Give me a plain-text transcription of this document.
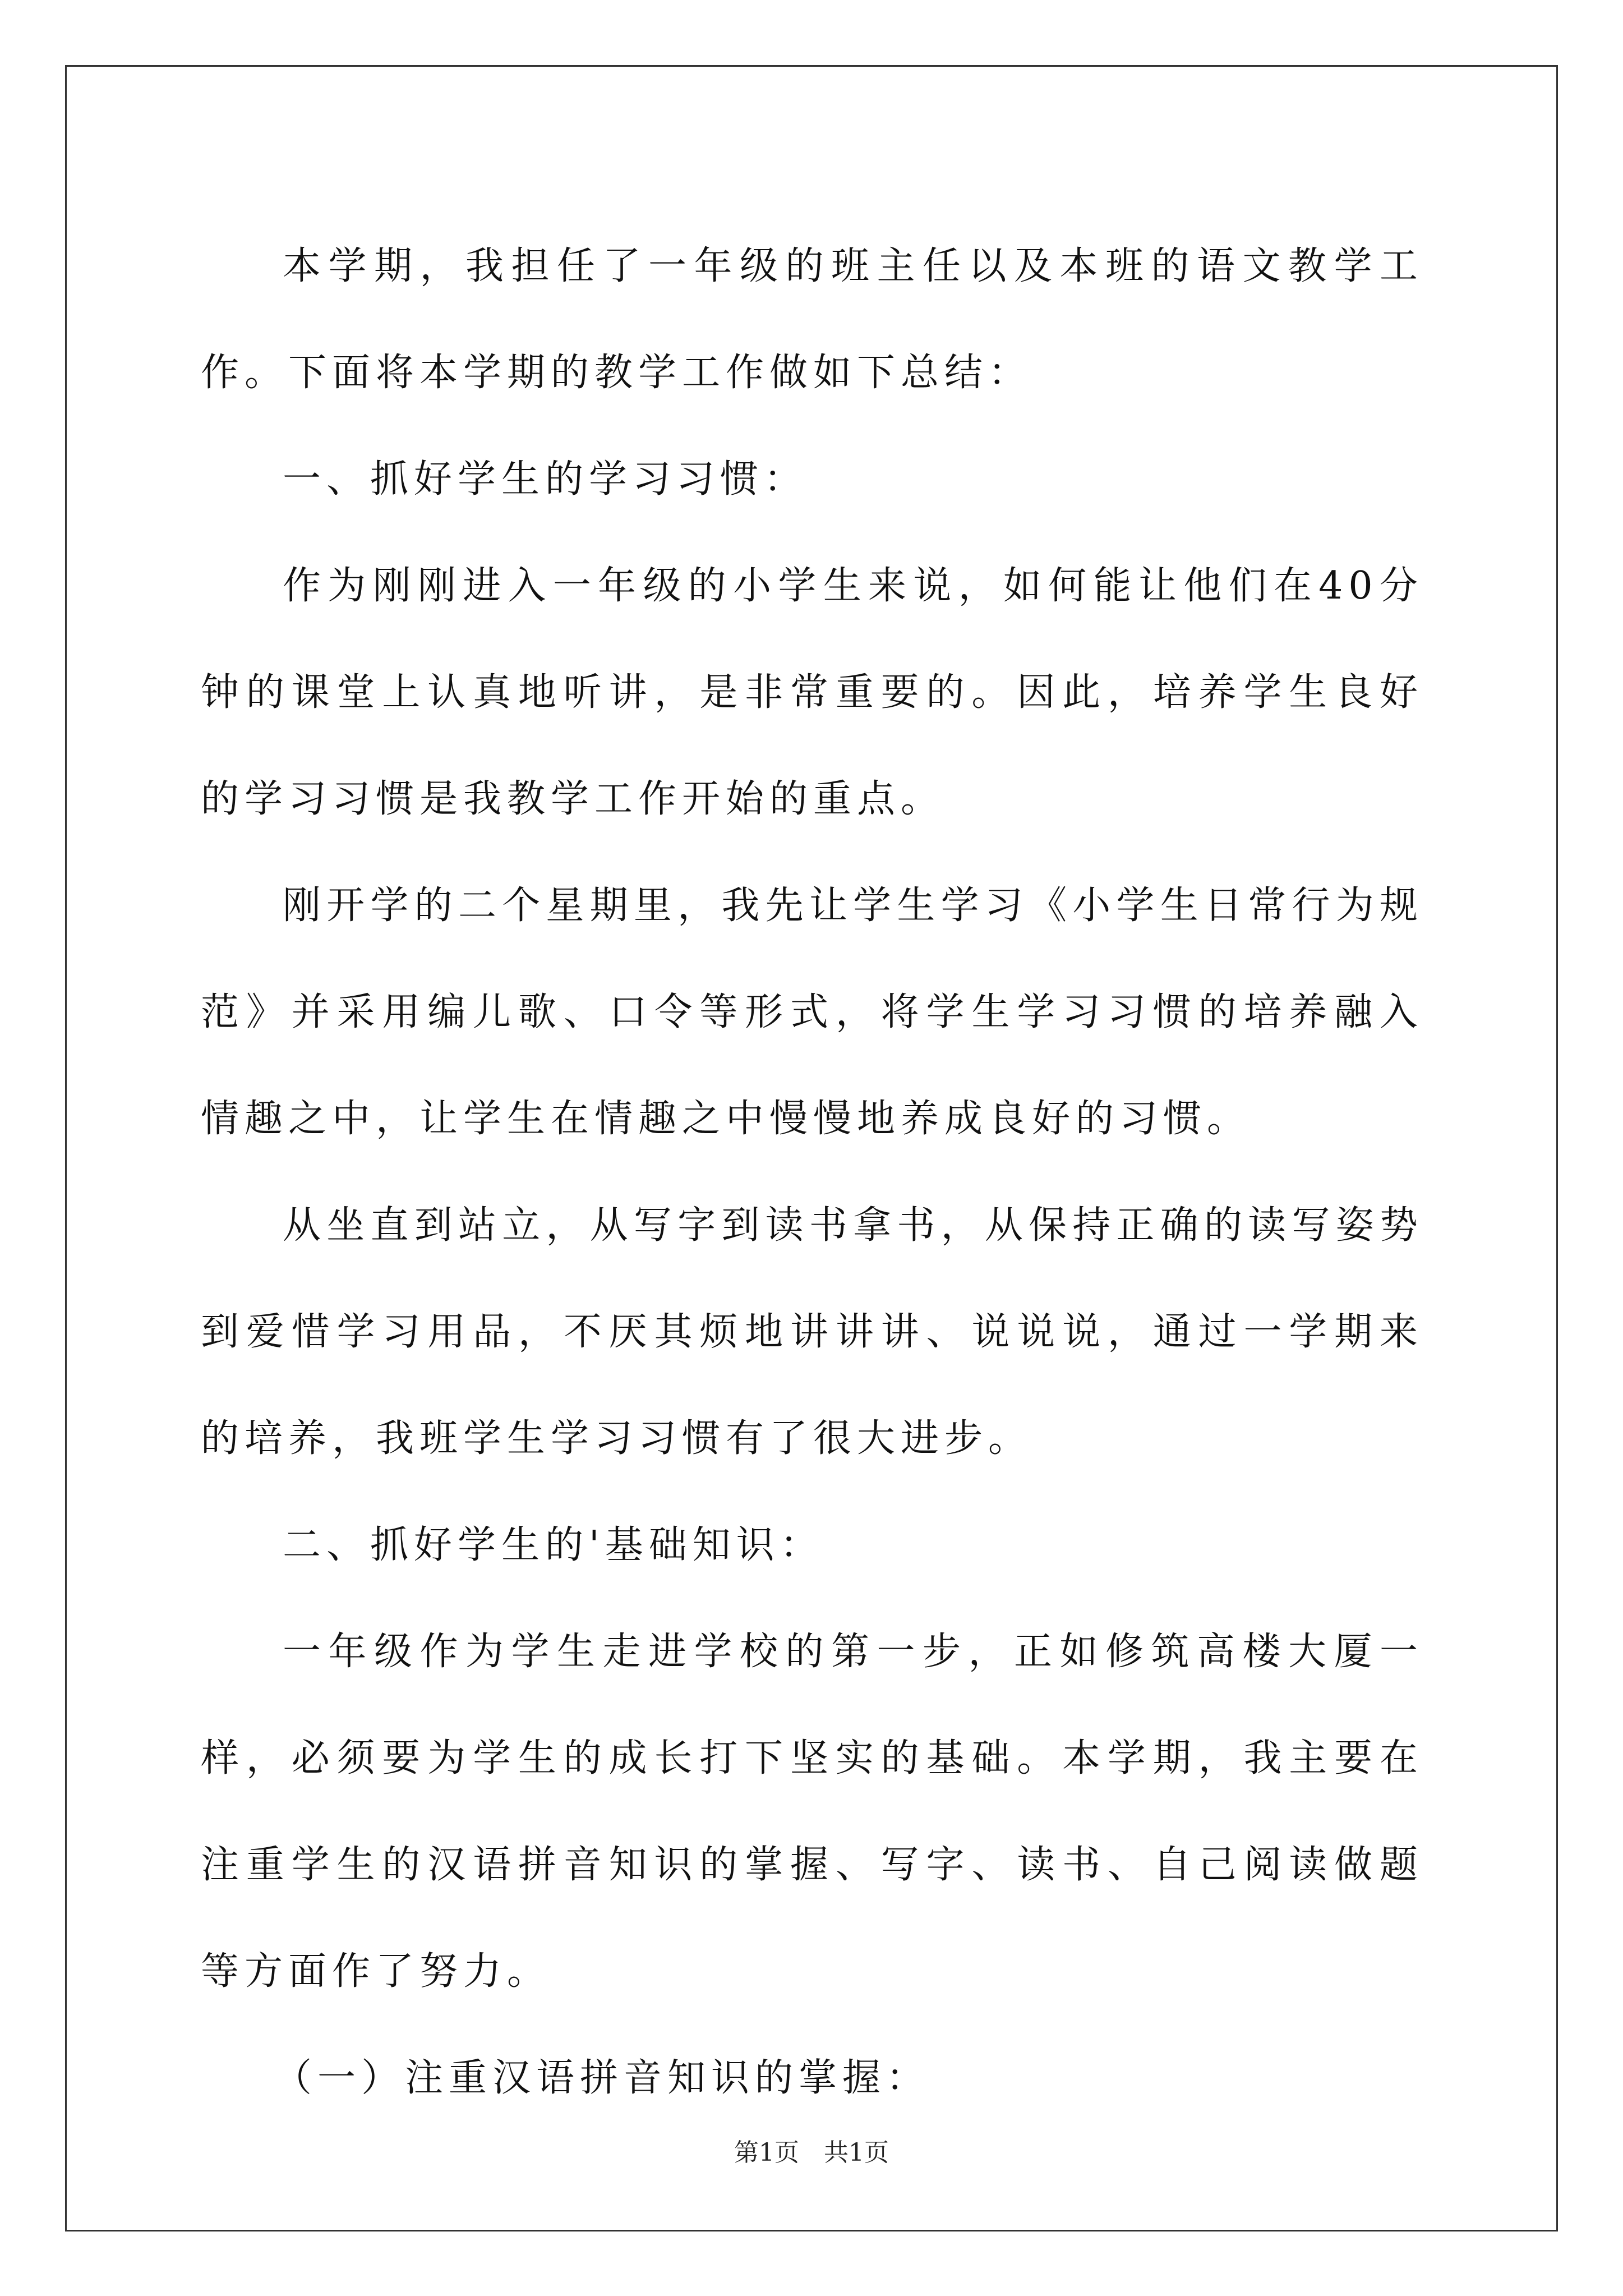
本学期，我担任了一年级的班主任以及本班的语文教学工作。下面将本学期的教学工作做如下总结：

一、抓好学生的学习习惯：

作为刚刚进入一年级的小学生来说，如何能让他们在40分钟的课堂上认真地听讲，是非常重要的。因此，培养学生良好的学习习惯是我教学工作开始的重点。

刚开学的二个星期里，我先让学生学习《小学生日常行为规范》并采用编儿歌、口令等形式，将学生学习习惯的培养融入情趣之中，让学生在情趣之中慢慢地养成良好的习惯。

从坐直到站立，从写字到读书拿书，从保持正确的读写姿势到爱惜学习用品，不厌其烦地讲讲讲、说说说，通过一学期来的培养，我班学生学习习惯有了很大进步。

二、抓好学生的'基础知识：

一年级作为学生走进学校的第一步，正如修筑高楼大厦一样，必须要为学生的成长打下坚实的基础。本学期，我主要在注重学生的汉语拼音知识的掌握、写字、读书、自己阅读做题等方面作了努力。

（一）注重汉语拼音知识的掌握：

第1页　共1页
